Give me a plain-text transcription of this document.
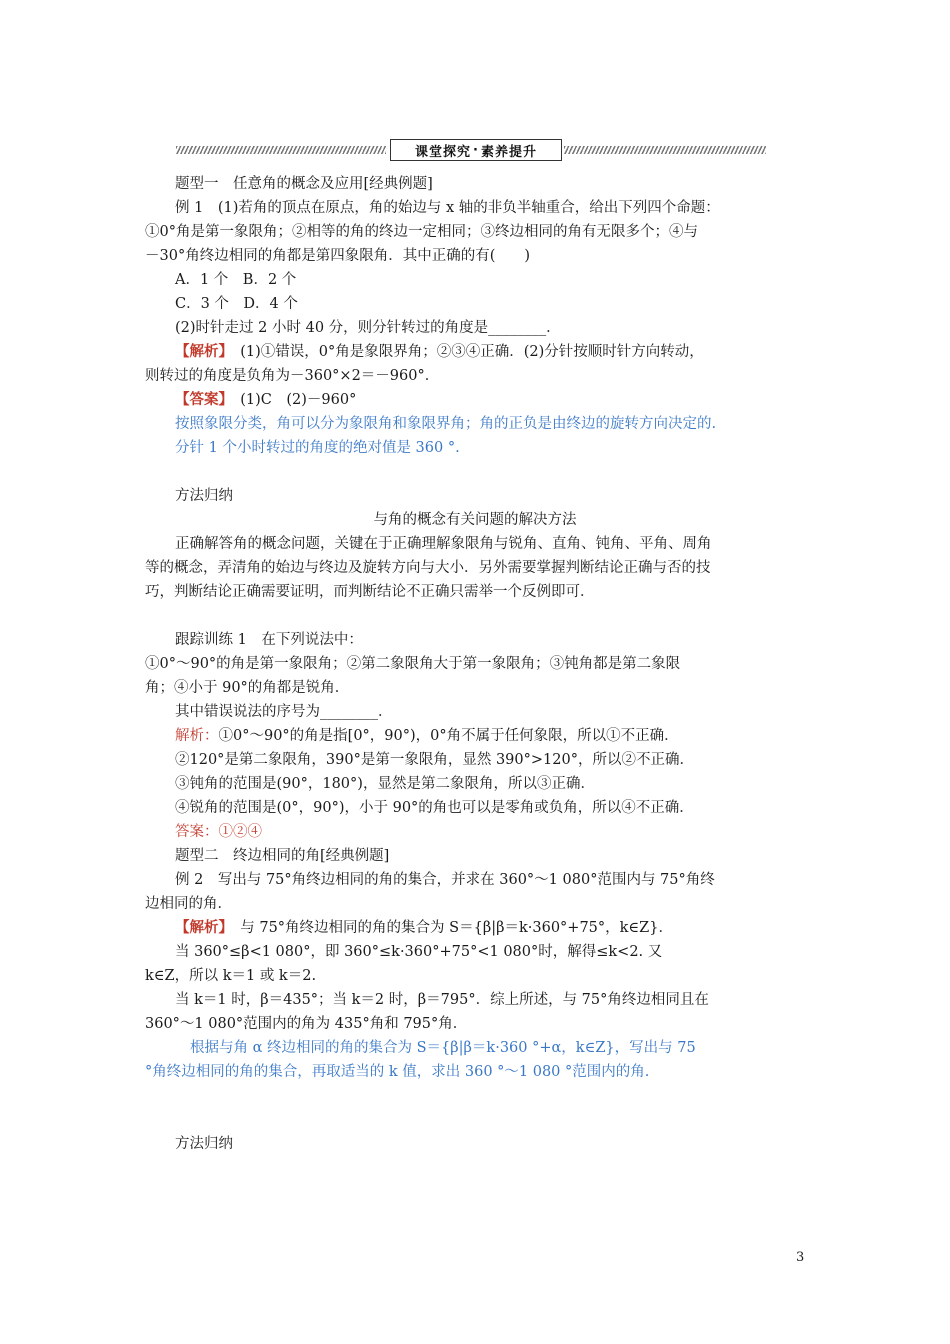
课堂探究 · 素养提升

题型一　任意角的概念及应用[经典例题]

例 1　(1)若角的顶点在原点，角的始边与 x 轴的非负半轴重合，给出下列四个命题：

①0°角是第一象限角；②相等的角的终边一定相同；③终边相同的角有无限多个；④与

－30°角终边相同的角都是第四象限角．其中正确的有(　　)

A．1 个　B．2 个

C．3 个　D．4 个

(2)时针走过 2 小时 40 分，则分针转过的角度是________．

【解析】　(1)①错误，0°角是象限界角；②③④正确．(2)分针按顺时针方向转动，

则转过的角度是负角为－360°×2＝－960°．

【答案】　(1)C　(2)－960°

按照象限分类，角可以分为象限角和象限界角；角的正负是由终边的旋转方向决定的.

分针 1 个小时转过的角度的绝对值是 360 °.

方法归纳

与角的概念有关问题的解决方法

正确解答角的概念问题，关键在于正确理解象限角与锐角、直角、钝角、平角、周角

等的概念，弄清角的始边与终边及旋转方向与大小．另外需要掌握判断结论正确与否的技

巧，判断结论正确需要证明，而判断结论不正确只需举一个反例即可．

跟踪训练 1　在下列说法中：

①0°～90°的角是第一象限角；②第二象限角大于第一象限角；③钝角都是第二象限

角；④小于 90°的角都是锐角．

其中错误说法的序号为________．

解析：①0°～90°的角是指[0°，90°)，0°角不属于任何象限，所以①不正确．

②120°是第二象限角，390°是第一象限角，显然 390°>120°，所以②不正确．

③钝角的范围是(90°，180°)，显然是第二象限角，所以③正确．

④锐角的范围是(0°，90°)，小于 90°的角也可以是零角或负角，所以④不正确．

答案：①②④

题型二　终边相同的角[经典例题]

例 2　写出与 75°角终边相同的角的集合，并求在 360°～1 080°范围内与 75°角终

边相同的角．

【解析】　与 75°角终边相同的角的集合为 S＝{β|β＝k·360°+75°，k∈Z}．

当 360°≤β<1 080°，即 360°≤k·360°+75°<1 080°时，解得≤k<2. 又

k∈Z，所以 k＝1 或 k＝2.

当 k＝1 时，β＝435°；当 k＝2 时，β＝795°．综上所述，与 75°角终边相同且在

360°～1 080°范围内的角为 435°角和 795°角．

根据与角 α 终边相同的角的集合为 S＝{β|β＝k·360 °+α，k∈Z}，写出与 75

°角终边相同的角的集合，再取适当的 k 值，求出 360 °～1 080 °范围内的角.

方法归纳

3
